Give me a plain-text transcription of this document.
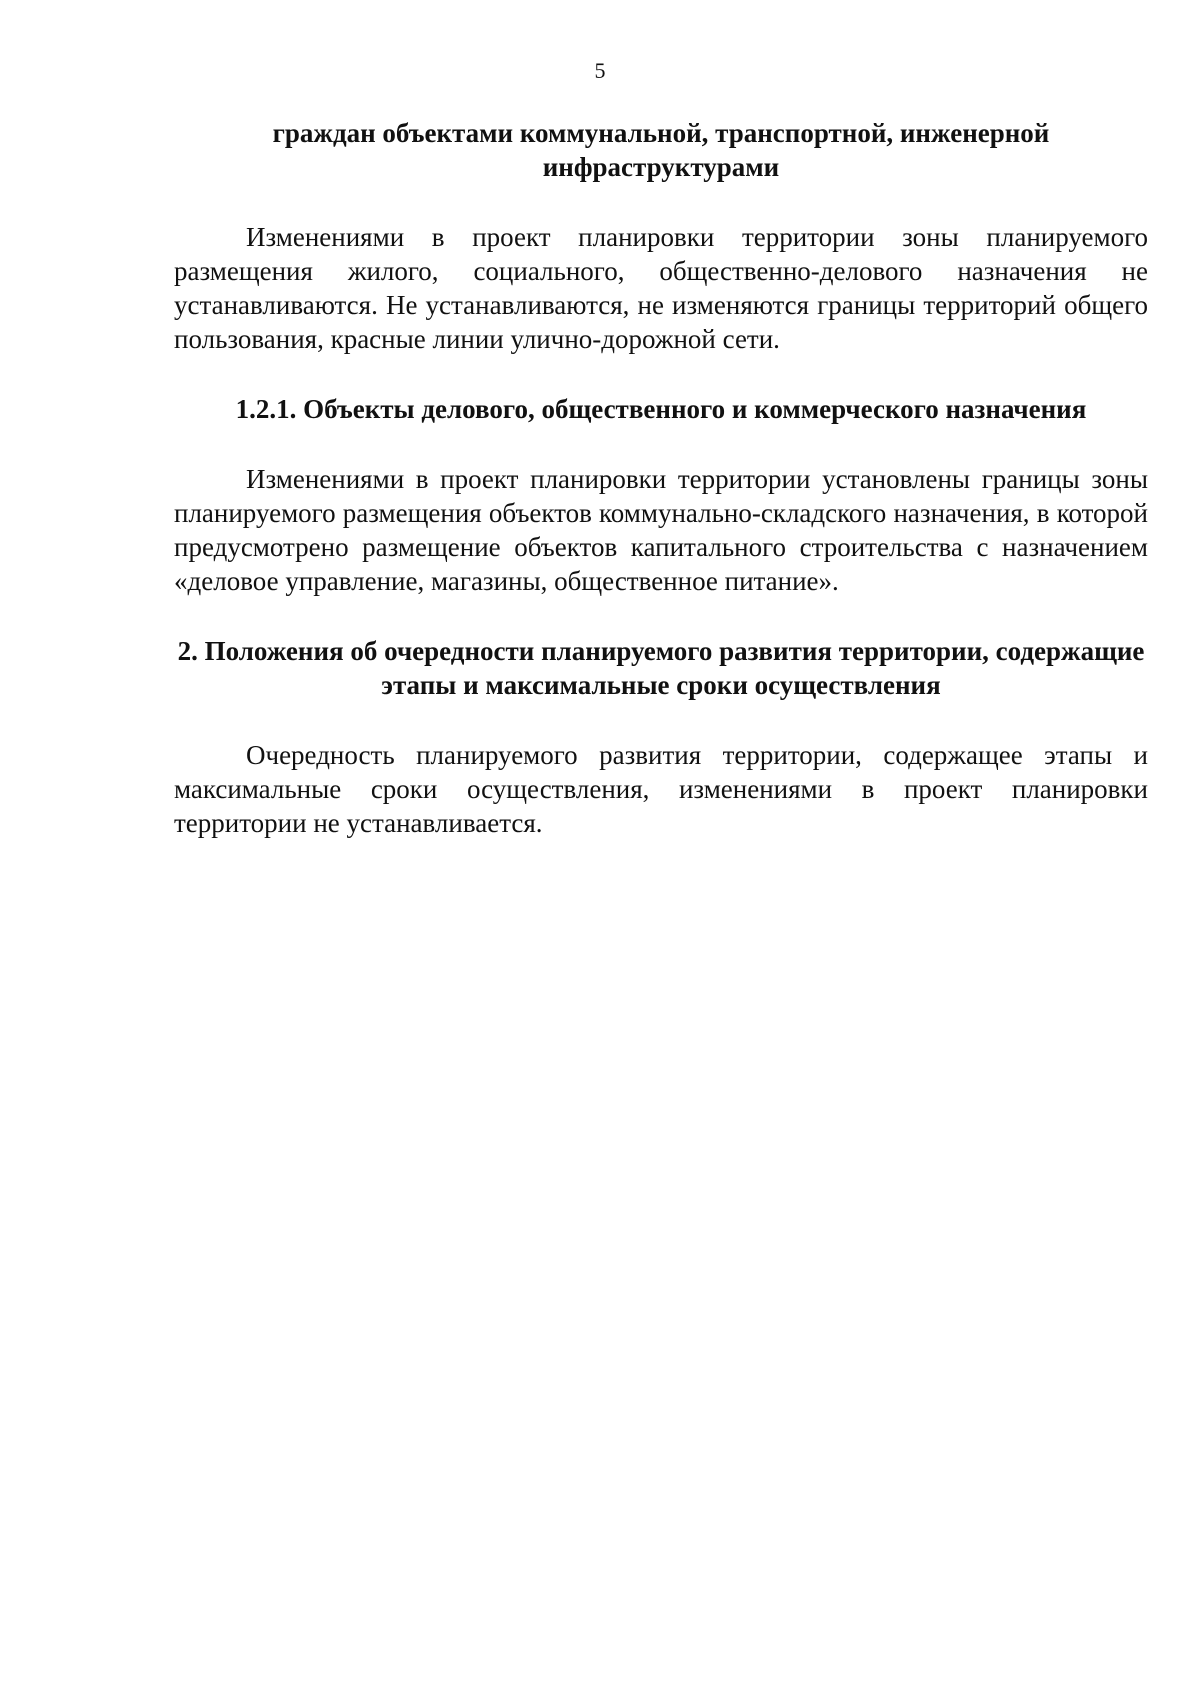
5
граждан объектами коммунальной, транспортной, инженерной инфраструктурами

Изменениями в проект планировки территории зоны планируемого размещения жилого, социального, общественно-делового назначения не устанавливаются. Не устанавливаются, не изменяются границы территорий общего пользования, красные линии улично-дорожной сети.

1.2.1. Объекты делового, общественного и коммерческого назначения

Изменениями в проект планировки территории установлены границы зоны планируемого размещения объектов коммунально-складского назначения, в которой предусмотрено размещение объектов капитального строительства с назначением «деловое управление, магазины, общественное питание».

2. Положения об очередности планируемого развития территории, содержащие этапы и максимальные сроки осуществления

Очередность планируемого развития территории, содержащее этапы и максимальные сроки осуществления, изменениями в проект планировки территории не устанавливается.
